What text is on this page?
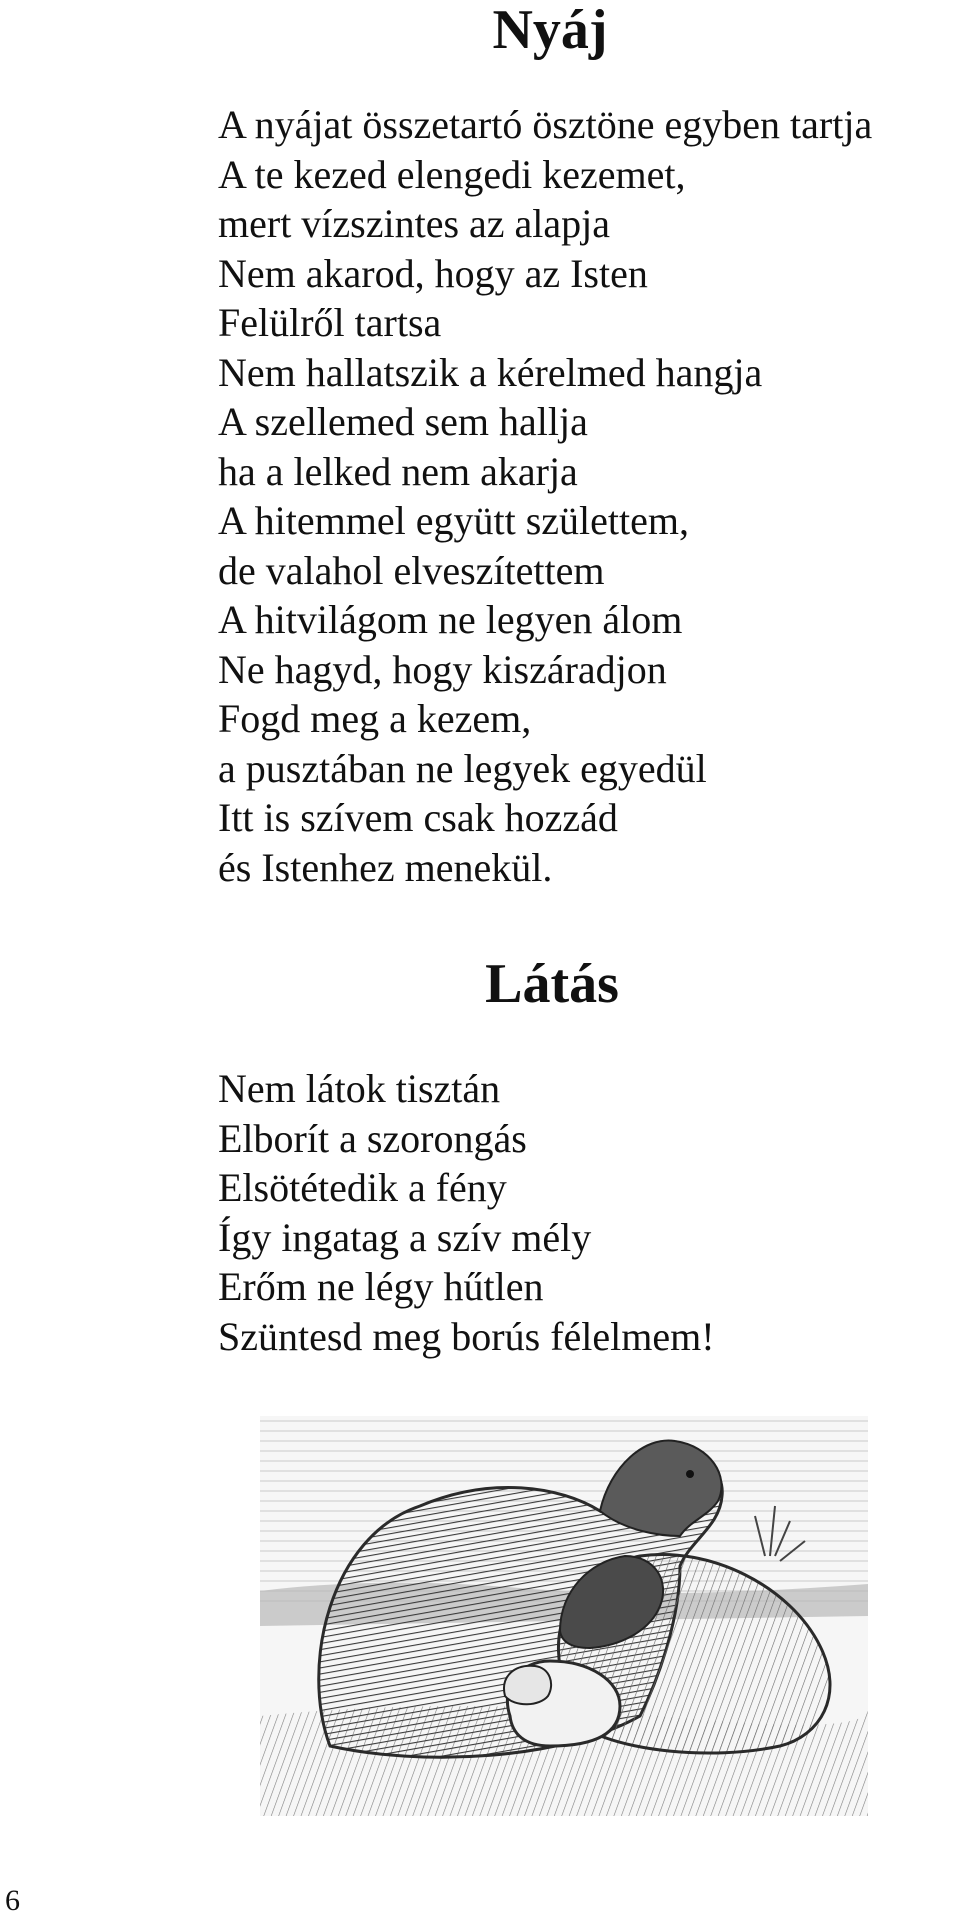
Nyáj
A nyájat összetartó ösztöne egyben tartja
A te kezed elengedi kezemet,
mert vízszintes az alapja
Nem akarod, hogy az Isten
Felülről tartsa
Nem hallatszik a kérelmed hangja
A szellemed sem hallja
ha a lelked nem akarja
A hitemmel együtt születtem,
de valahol elveszítettem
A hitvilágom ne legyen álom
Ne hagyd, hogy kiszáradjon
Fogd meg a kezem,
a pusztában ne legyek egyedül
Itt is szívem csak hozzád
és Istenhez menekül.
Látás
Nem látok tisztán
Elborít a szorongás
Elsötétedik a fény
Így ingatag a szív mély
Erőm ne légy hűtlen
Szüntesd meg borús félelmem!
6
